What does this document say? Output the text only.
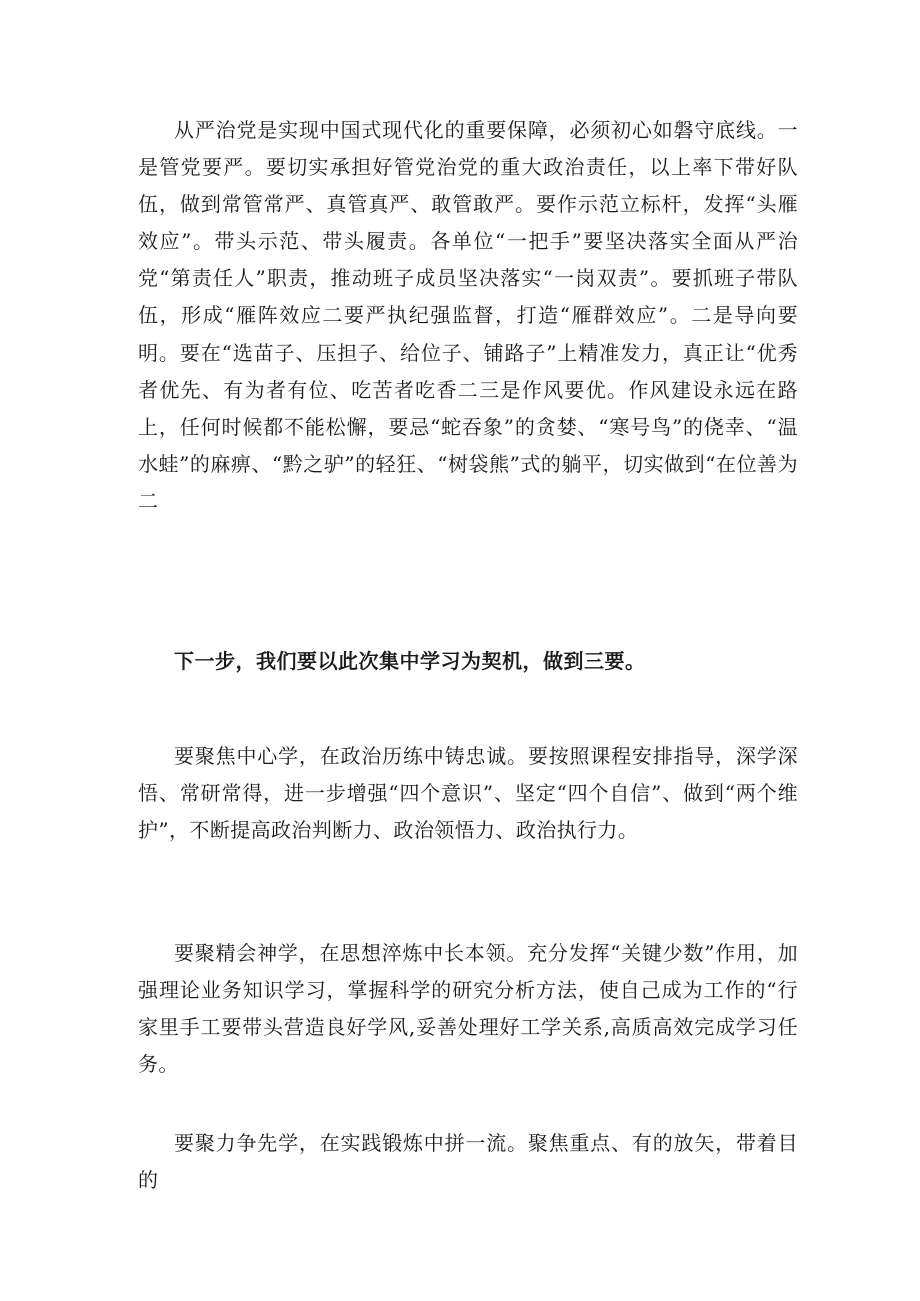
从严治党是实现中国式现代化的重要保障，必须初心如磐守底线。一是管党要严。要切实承担好管党治党的重大政治责任，以上率下带好队伍，做到常管常严、真管真严、敢管敢严。要作示范立标杆，发挥“头雁效应”。带头示范、带头履责。各单位“一把手”要坚决落实全面从严治党“第责任人”职责，推动班子成员坚决落实“一岗双责”。要抓班子带队伍，形成“雁阵效应二要严执纪强监督，打造“雁群效应”。二是导向要明。要在“选苗子、压担子、给位子、铺路子”上精准发力，真正让“优秀者优先、有为者有位、吃苦者吃香二三是作风要优。作风建设永远在路上，任何时候都不能松懈，要忌“蛇吞象”的贪婪、“寒号鸟”的侥幸、“温水蛙”的麻痹、“黔之驴”的轻狂、“树袋熊”式的躺平，切实做到“在位善为二

下一步，我们要以此次集中学习为契机，做到三要。

要聚焦中心学，在政治历练中铸忠诚。要按照课程安排指导，深学深悟、常研常得，进一步增强“四个意识”、坚定“四个自信”、做到“两个维护”，不断提高政治判断力、政治领悟力、政治执行力。

要聚精会神学，在思想淬炼中长本领。充分发挥“关键少数”作用，加强理论业务知识学习，掌握科学的研究分析方法，使自己成为工作的“行家里手工要带头营造良好学风,妥善处理好工学关系,高质高效完成学习任务。

要聚力争先学，在实践锻炼中拼一流。聚焦重点、有的放矢，带着目的
